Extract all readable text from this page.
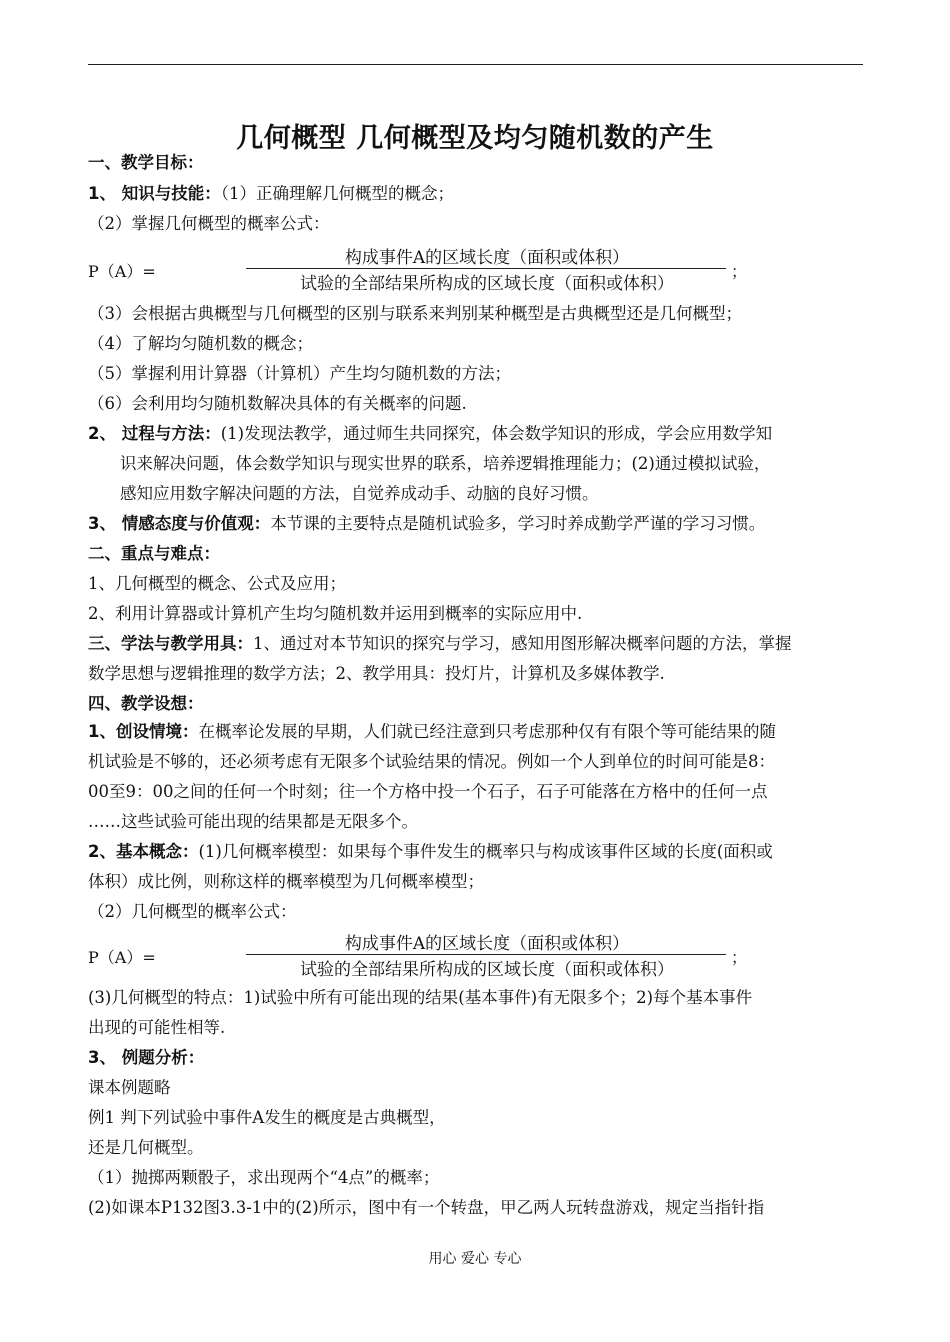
几何概型 几何概型及均匀随机数的产生
一、教学目标：
1、 知识与技能：（1）正确理解几何概型的概念；
（2）掌握几何概型的概率公式：
P（A）=
构成事件A的区域长度（面积或体积）
试验的全部结果所构成的区域长度（面积或体积）
；
（3）会根据古典概型与几何概型的区别与联系来判别某种概型是古典概型还是几何概型；
（4）了解均匀随机数的概念；
（5）掌握利用计算器（计算机）产生均匀随机数的方法；
（6）会利用均匀随机数解决具体的有关概率的问题.
2、 过程与方法：(1)发现法教学，通过师生共同探究，体会数学知识的形成，学会应用数学知
识来解决问题，体会数学知识与现实世界的联系，培养逻辑推理能力；(2)通过模拟试验，
感知应用数字解决问题的方法，自觉养成动手、动脑的良好习惯。
3、 情感态度与价值观：本节课的主要特点是随机试验多，学习时养成勤学严谨的学习习惯。
二、重点与难点：
1、几何概型的概念、公式及应用；
2、利用计算器或计算机产生均匀随机数并运用到概率的实际应用中.
三、学法与教学用具：1、通过对本节知识的探究与学习，感知用图形解决概率问题的方法，掌握
数学思想与逻辑推理的数学方法；2、教学用具：投灯片，计算机及多媒体教学.
四、教学设想：
1、创设情境：在概率论发展的早期，人们就已经注意到只考虑那种仅有有限个等可能结果的随
机试验是不够的，还必须考虑有无限多个试验结果的情况。例如一个人到单位的时间可能是8：
00至9：00之间的任何一个时刻；往一个方格中投一个石子，石子可能落在方格中的任何一点
……这些试验可能出现的结果都是无限多个。
2、基本概念：(1)几何概率模型：如果每个事件发生的概率只与构成该事件区域的长度(面积或
体积）成比例，则称这样的概率模型为几何概率模型；
（2）几何概型的概率公式：
P（A）=
构成事件A的区域长度（面积或体积）
试验的全部结果所构成的区域长度（面积或体积）
；
(3)几何概型的特点：1)试验中所有可能出现的结果(基本事件)有无限多个；2)每个基本事件
出现的可能性相等.
3、 例题分析：
课本例题略
例1 判下列试验中事件A发生的概度是古典概型，
还是几何概型。
（1）抛掷两颗骰子，求出现两个“4点”的概率；
(2)如课本P132图3.3-1中的(2)所示，图中有一个转盘，甲乙两人玩转盘游戏，规定当指针指
用心 爱心 专心
